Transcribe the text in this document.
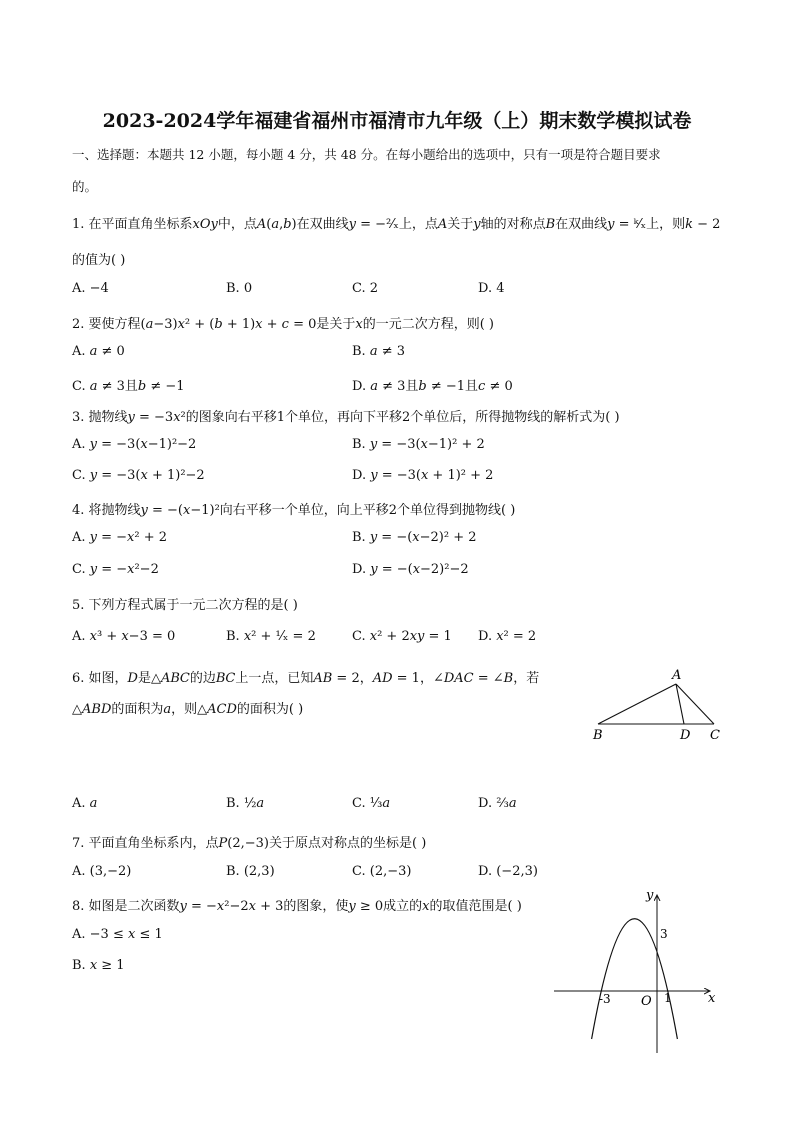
2023-2024学年福建省福州市福清市九年级（上）期末数学模拟试卷
一、选择题：本题共 12 小题，每小题 4 分，共 48 分。在每小题给出的选项中，只有一项是符合题目要求
的。
1. 在平面直角坐标系𝑥𝑂𝑦中，点𝐴(𝑎,𝑏)在双曲线𝑦 = −²⁄ₓ上，点𝐴关于𝑦轴的对称点𝐵在双曲线𝑦 = ᵏ⁄ₓ上，则𝑘 − 2
的值为( )
A. −4	B. 0	C. 2	D. 4
2. 要使方程(𝑎−3)𝑥² + (𝑏 + 1)𝑥 + 𝑐 = 0是关于𝑥的一元二次方程，则( )
A. 𝑎 ≠ 0	B. 𝑎 ≠ 3
C. 𝑎 ≠ 3且𝑏 ≠ −1	D. 𝑎 ≠ 3且𝑏 ≠ −1且𝑐 ≠ 0
3. 抛物线𝑦 = −3𝑥²的图象向右平移1个单位，再向下平移2个单位后，所得抛物线的解析式为( )
A. 𝑦 = −3(𝑥−1)²−2	B. 𝑦 = −3(𝑥−1)² + 2
C. 𝑦 = −3(𝑥 + 1)²−2	D. 𝑦 = −3(𝑥 + 1)² + 2
4. 将抛物线𝑦 = −(𝑥−1)²向右平移一个单位，向上平移2个单位得到抛物线( )
A. 𝑦 = −𝑥² + 2	B. 𝑦 = −(𝑥−2)² + 2
C. 𝑦 = −𝑥²−2	D. 𝑦 = −(𝑥−2)²−2
5. 下列方程式属于一元二次方程的是( )
A. 𝑥³ + 𝑥−3 = 0	B. 𝑥² + ¹⁄ₓ = 2	C. 𝑥² + 2𝑥𝑦 = 1 D. 𝑥² = 2
6. 如图，𝐷是△𝐴𝐵𝐶的边𝐵𝐶上一点，已知𝐴𝐵 = 2，𝐴𝐷 = 1，∠𝐷𝐴𝐶 = ∠𝐵，若
△𝐴𝐵𝐷的面积为𝑎，则△𝐴𝐶𝐷的面积为( )
A
B	D C
A. 𝑎	B. ½𝑎	C. ⅓𝑎	D. ⅔𝑎
7. 平面直角坐标系内，点𝑃(2,−3)关于原点对称点的坐标是( )
A. (3,−2)	B. (2,3)	C. (2,−3)	D. (−2,3)
8. 如图是二次函数𝑦 = −𝑥²−2𝑥 + 3的图象，使𝑦 ≥ 0成立的𝑥的取值范围是( )
A. −3 ≤ 𝑥 ≤ 1
B. 𝑥 ≥ 1
y
x
O
3
-3	1
